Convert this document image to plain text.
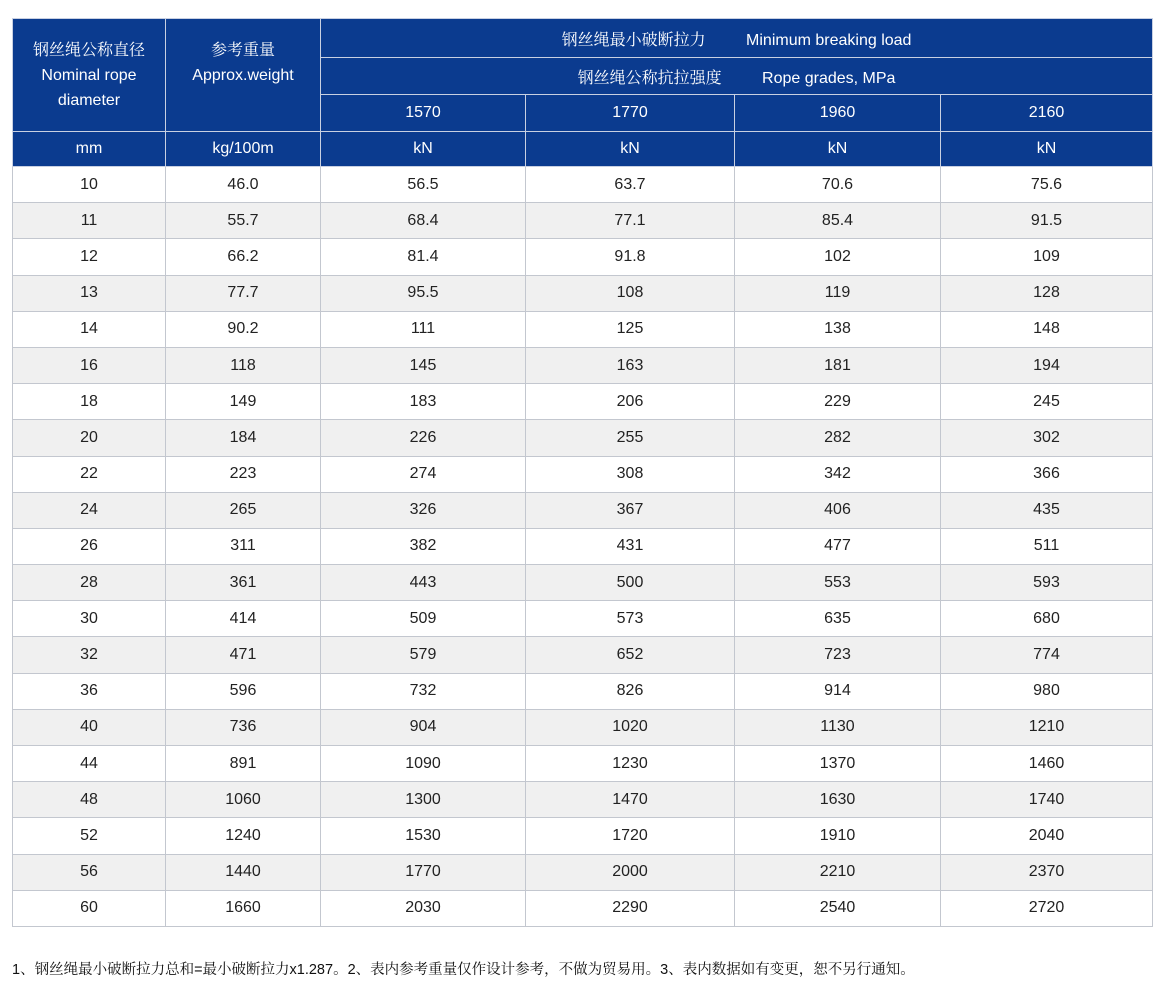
钢丝绳公称直径
Nominal rope
diameter	参考重量
Approx.weight	钢丝绳最小破断拉力 Minimum breaking load			
		钢丝绳公称抗拉强度 Rope grades, MPa			
		1570	1770	1960	2160
mm	kg/100m	kN	kN	kN	kN
10	46.0	56.5	63.7	70.6	75.6
11	55.7	68.4	77.1	85.4	91.5
12	66.2	81.4	91.8	102	109
13	77.7	95.5	108	119	128
14	90.2	111	125	138	148
16	118	145	163	181	194
18	149	183	206	229	245
20	184	226	255	282	302
22	223	274	308	342	366
24	265	326	367	406	435
26	311	382	431	477	511
28	361	443	500	553	593
30	414	509	573	635	680
32	471	579	652	723	774
36	596	732	826	914	980
40	736	904	1020	1130	1210
44	891	1090	1230	1370	1460
48	1060	1300	1470	1630	1740
52	1240	1530	1720	1910	2040
56	1440	1770	2000	2210	2370
60	1660	2030	2290	2540	2720
1、钢丝绳最小破断拉力总和=最小破断拉力x1.287。2、表内参考重量仅作设计参考，不做为贸易用。3、表内数据如有变更，恕不另行通知。
